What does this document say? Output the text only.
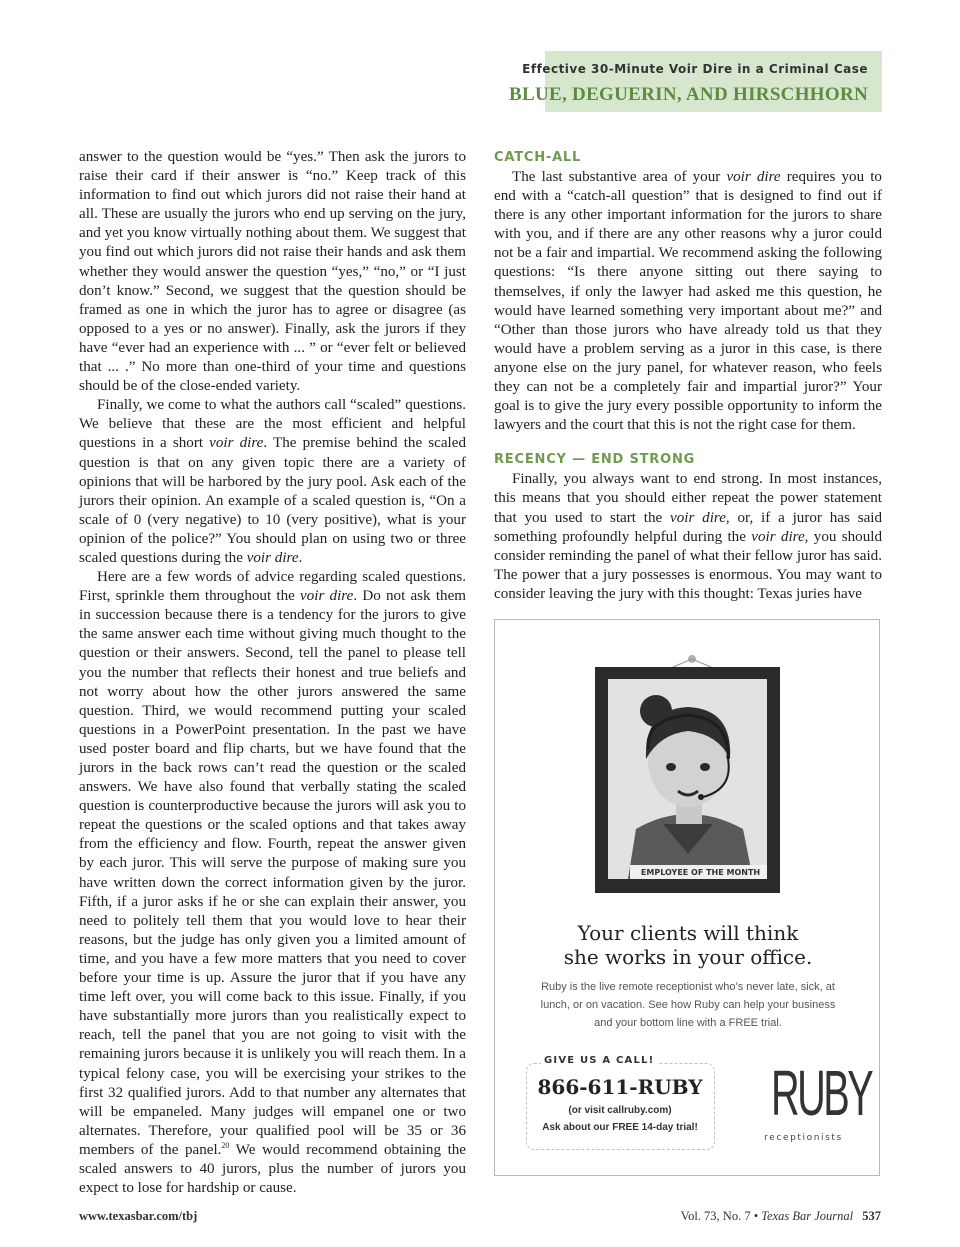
Effective 30-Minute Voir Dire in a Criminal Case
BLUE, DEGUERIN, AND HIRSCHHORN

answer to the question would be “yes.” Then ask the jurors to raise their card if their answer is “no.” Keep track of this information to find out which jurors did not raise their hand at all. These are usually the jurors who end up serving on the jury, and yet you know virtually nothing about them. We suggest that you find out which jurors did not raise their hands and ask them whether they would answer the question “yes,” “no,” or “I just don’t know.” Second, we suggest that the question should be framed as one in which the juror has to agree or disagree (as opposed to a yes or no answer). Finally, ask the jurors if they have “ever had an experience with ... ” or “ever felt or believed that ... .” No more than one-third of your time and questions should be of the close-ended variety.

Finally, we come to what the authors call “scaled” questions. We believe that these are the most efficient and helpful questions in a short voir dire. The premise behind the scaled question is that on any given topic there are a variety of opinions that will be harbored by the jury pool. Ask each of the jurors their opinion. An example of a scaled question is, “On a scale of 0 (very negative) to 10 (very positive), what is your opinion of the police?” You should plan on using two or three scaled questions during the voir dire.

Here are a few words of advice regarding scaled questions. First, sprinkle them throughout the voir dire. Do not ask them in succession because there is a tendency for the jurors to give the same answer each time without giving much thought to the question or their answers. Second, tell the panel to please tell you the number that reflects their honest and true beliefs and not worry about how the other jurors answered the same question. Third, we would recommend putting your scaled questions in a PowerPoint presentation. In the past we have used poster board and flip charts, but we have found that the jurors in the back rows can’t read the question or the scaled answers. We have also found that verbally stating the scaled question is counterproductive because the jurors will ask you to repeat the questions or the scaled options and that takes away from the efficiency and flow. Fourth, repeat the answer given by each juror. This will serve the purpose of making sure you have written down the correct information given by the juror. Fifth, if a juror asks if he or she can explain their answer, you need to politely tell them that you would love to hear their reasons, but the judge has only given you a limited amount of time, and you have a few more matters that you need to cover before your time is up. Assure the juror that if you have any time left over, you will come back to this issue. Finally, if you have substantially more jurors than you realistically expect to reach, tell the panel that you are not going to visit with the remaining jurors because it is unlikely you will reach them. In a typical felony case, you will be exercising your strikes to the first 32 qualified jurors. Add to that number any alternates that will be empaneled. Many judges will empanel one or two alternates. Therefore, your qualified pool will be 35 or 36 members of the panel.$^{20}$ We would recommend obtaining the scaled answers to 40 jurors, plus the number of jurors you expect to lose for hardship or cause.

CATCH-ALL

The last substantive area of your voir dire requires you to end with a “catch-all question” that is designed to find out if there is any other important information for the jurors to share with you, and if there are any other reasons why a juror could not be a fair and impartial. We recommend asking the following questions: “Is there anyone sitting out there saying to themselves, if only the lawyer had asked me this question, he would have learned something very important about me?” and “Other than those jurors who have already told us that they would have a problem serving as a juror in this case, is there anyone else on the jury panel, for whatever reason, who feels they can not be a completely fair and impartial juror?” Your goal is to give the jury every possible opportunity to inform the lawyers and the court that this is not the right case for them.

RECENCY — END STRONG

Finally, you always want to end strong. In most instances, this means that you should either repeat the power statement that you used to start the voir dire, or, if a juror has said something profoundly helpful during the voir dire, you should consider reminding the panel of what their fellow juror has said. The power that a jury possesses is enormous. You may want to consider leaving the jury with this thought: Texas juries have

EMPLOYEE OF THE MONTH
Your clients will think
she works in your office.
Ruby is the live remote receptionist who’s never late, sick, at lunch, or on vacation. See how Ruby can help your business and your bottom line with a FREE trial.
GIVE US A CALL!
866-611-RUBY
(or visit callruby.com)
Ask about our FREE 14-day trial! RUBY
receptionists
www.texasbar.com/tbj	Vol. 73, No. 7 • Texas Bar Journal 537
